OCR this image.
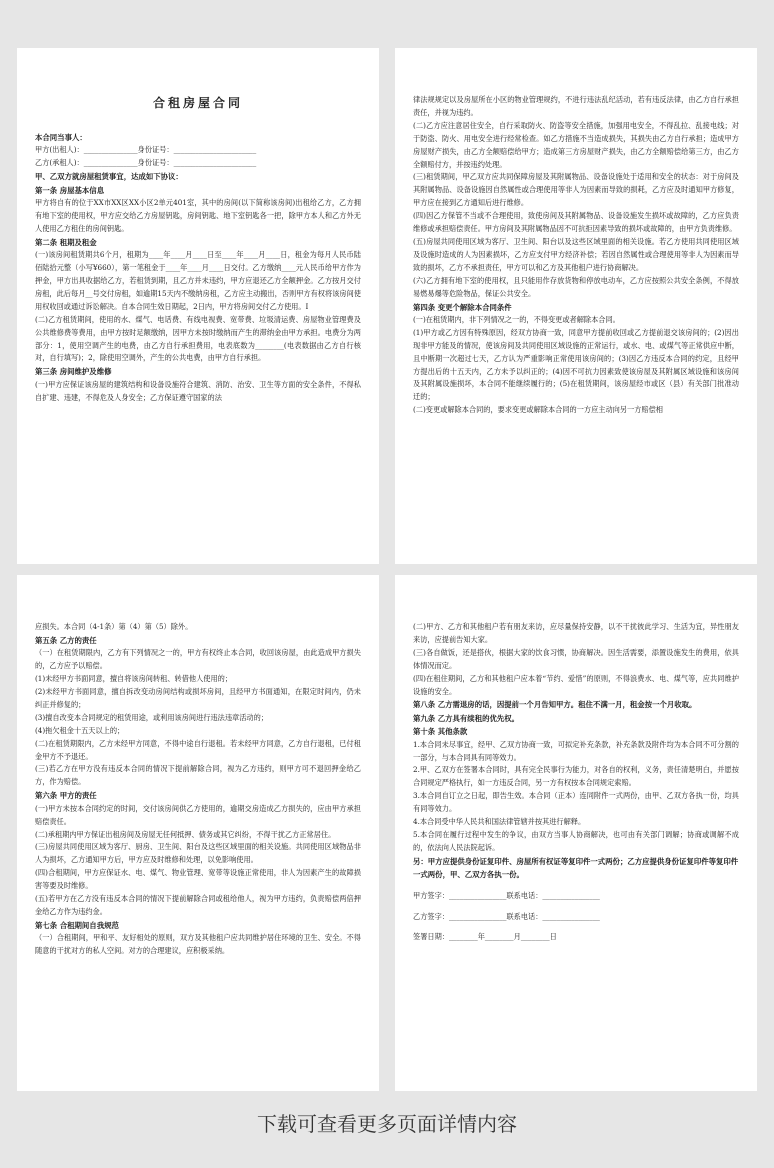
合租房屋合同

本合同当事人：

甲方(出租人)：_______________身份证号：_______________________

乙方(承租人)：_______________身份证号：_______________________

甲、乙双方就房屋租赁事宜，达成如下协议：

第一条 房屋基本信息

甲方将自有的位于XX市XX区XX小区2单元401室，其中的房间(以下简称该房间)出租给乙方，乙方拥有地下室的使用权，甲方应交给乙方房屋钥匙，房间钥匙、地下室钥匙各一把，除甲方本人和乙方外无人使用乙方租住的房间钥匙。

第二条 租期及租金

(一)该房间租赁期共6个月，租期为____年____月____日至____年____月____日，租金为每月人民币陆佰陆拾元整（小写¥660），第一笔租金于____年____月____日交付。乙方缴纳____元人民币给甲方作为押金，甲方出具收据给乙方，若租赁到期，且乙方并未违约，甲方应退还乙方全额押金。乙方按月交付房租，此后每月__号交付房租，如逾期15天内不缴纳房租，乙方应主动搬出，否则甲方有权将该房间使用权收回或通过诉讼解决。自本合同生效日期起，2日内，甲方将房间交付乙方使用。I

(二)乙方租赁期间，使用的水、煤气、电话费、有线电视费、宽带费、垃圾清运费、房屋物业管理费及公共维修费等费用，由甲方按时足额缴纳，因甲方未按时缴纳而产生的滞纳金由甲方承担。电费分为两部分：1，使用空调产生的电费，由乙方自行承担费用，电表底数为________(电表数据由乙方自行核对，自行填写)；2，除使用空调外，产生的公共电费，由甲方自行承担。

第三条 房间维护及维修

(一)甲方应保证该房屋的建筑结构和设备设施符合建筑、消防、治安、卫生等方面的安全条件，不得私自扩建、违建，不得危及人身安全；乙方保证遵守国家的法

律法规规定以及房屋所在小区的物业管理规约，不进行违法乱纪活动，若有违反法律，由乙方自行承担责任，并视为违约。

(二)乙方应注意居住安全，自行采取防火、防盗等安全措施，加强用电安全，不得乱拉、乱接电线；对于防盗、防火、用电安全进行经常检查。如乙方措施不当造成损失，其损失由乙方自行承担；造成甲方房屋财产损失，由乙方全额赔偿给甲方；造成第三方房屋财产损失，由乙方全额赔偿给第三方，由乙方全额赔付方，并按违约处理。

(三)租赁期间，甲乙双方应共同保障房屋及其附属物品、设备设施处于适用和安全的状态：对于房间及其附属物品、设备设施因自然属性或合理使用等非人为因素而导致的损耗，乙方应及时通知甲方修复，甲方应在接到乙方通知后进行维修。

(四)因乙方保管不当或不合理使用，致使房间及其附属物品、设备设施发生损坏或故障的，乙方应负责维修或承担赔偿责任。甲方房间及其附属物品因不可抗拒因素导致的损坏或故障的，由甲方负责维修。

(五)房屋共同使用区域为客厅、卫生间、阳台以及这些区域里面的相关设施。若乙方使用共同使用区域及设施时造成的人为因素损坏，乙方应支付甲方经济补偿；若因自然属性或合理使用等非人为因素而导致的损坏，乙方不承担责任，甲方可以和乙方及其他租户进行协商解决。

(六)乙方拥有地下室的使用权，且只能用作存放货物和停放电动车，乙方应按照公共安全条例，不得放易燃易爆等危险物品，保证公共安全。

第四条 变更个解除本合同条件

(一)在租赁期内，非下列情况之一的，不得变更或者解除本合同。

(1)甲方或乙方因有特殊原因，经双方协商一致，同意甲方提前收回或乙方提前退交该房间的；(2)因出现非甲方能及的情况，使该房间及共同使用区域设施的正常运行，或水、电、或煤气等正常供应中断，且中断期一次超过七天，乙方认为严重影响正常使用该房间的；(3)因乙方违反本合同的约定，且经甲方提出后的十五天内，乙方未予以纠正的；(4)因不可抗力因素致使该房屋及其附属区域设施和该房间及其附属设施损坏，本合同不能继续履行的；(5)在租赁期间，该房屋经市或区（县）有关部门批准动迁的；

(二)变更或解除本合同的，要求变更或解除本合同的一方应主动向另一方赔偿相

应损失。本合同（4-1条）第（4）第（5）除外。

第五条 乙方的责任

（一）在租赁期限内，乙方有下列情况之一的，甲方有权终止本合同，收回该房屋，由此造成甲方损失的，乙方应予以赔偿。

(1)未经甲方书面同意，擅自将该房间转租、转借他人使用的；

(2)未经甲方书面同意，擅自拆改变动房间结构或损坏房间，且经甲方书面通知，在限定时间内，仍未纠正并修复的；

(3)擅自改变本合同规定的租赁用途，或利用该房间进行违法违章活动的；

(4)拖欠租金十五天以上的；

(二)在租赁期限内，乙方未经甲方同意，不得中途自行退租。若未经甲方同意，乙方自行退租，已付租金甲方不予退还。

(三)若乙方在甲方没有违反本合同的情况下提前解除合同，视为乙方违约，则甲方可不退回押金给乙方，作为赔偿。

第六条 甲方的责任

(一)甲方未按本合同约定的时间，交付该房间供乙方使用的，逾期交房造成乙方损失的，应由甲方承担赔偿责任。

(二)承租期内甲方保证出租房间及房屋无任何抵押、债务或其它纠纷，不得干扰乙方正常居住。

(三)房屋共同使用区域为客厅、厨房、卫生间、阳台及这些区域里面的相关设施。共同使用区域物品非人为损坏，乙方通知甲方后，甲方应及时维修和处理，以免影响使用。

(四)合租期间，甲方应保证水、电、煤气、物业管理、宽带等设施正常使用，非人为因素产生的故障损害等要及时维修。

(五)若甲方在乙方没有违反本合同的情况下提前解除合同或租给他人，视为甲方违约，负责赔偿两倍押金给乙方作为违约金。

第七条 合租期间自我规范

（一）合租期间，甲和平、友好相处的原则，双方及其他租户应共同维护居住环境的卫生、安全。不得随意的干扰对方的私人空间。对方的合理建议，应积极采纳。

(二)甲方、乙方和其他租户若有朋友来访，应尽量保持安静，以不干扰彼此学习、生活为宜，异性朋友来访，应提前告知大家。

(三)各自做饭，还是搭伙，根据大家的饮食习惯，协商解决。因生活需要，添置设施发生的费用，依具体情况而定。

(四)在租住期间，乙方和其他租户应本着“节约、爱惜”的原则，不得浪费水、电、煤气等，应共同维护设施的安全。

第八条 乙方需退房的话，因提前一个月告知甲方。租住不满一月，租金按一个月收取。

第九条 乙方具有续租的优先权。

第十条 其他条款

1.本合同未尽事宜，经甲、乙双方协商一致，可拟定补充条款，补充条款及附件均为本合同不可分割的一部分，与本合同具有同等效力。

2.甲、乙双方在签署本合同时，具有完全民事行为能力，对各自的权利，义务，责任清楚明白，并愿按合同规定严格执行，如一方违反合同，另一方有权按本合同规定索赔。

3.本合同自订立之日起，即告生效。本合同（正本）连同附件一式两份，由甲、乙双方各执一份，均具有同等效力。

4.本合同受中华人民共和国法律管辖并按其进行解释。

5.本合同在履行过程中发生的争议，由双方当事人协商解决，也可由有关部门调解；协商或调解不成的，依法向人民法院起诉。

另：甲方应提供身份证复印件、房屋所有权证等复印件一式两份；乙方应提供身份证复印件等复印件一式两份，甲、乙双方各执一份。

甲方签字：________________联系电话：________________

乙方签字：________________联系电话：________________

签署日期：________年________月________日

下载可查看更多页面详情内容
